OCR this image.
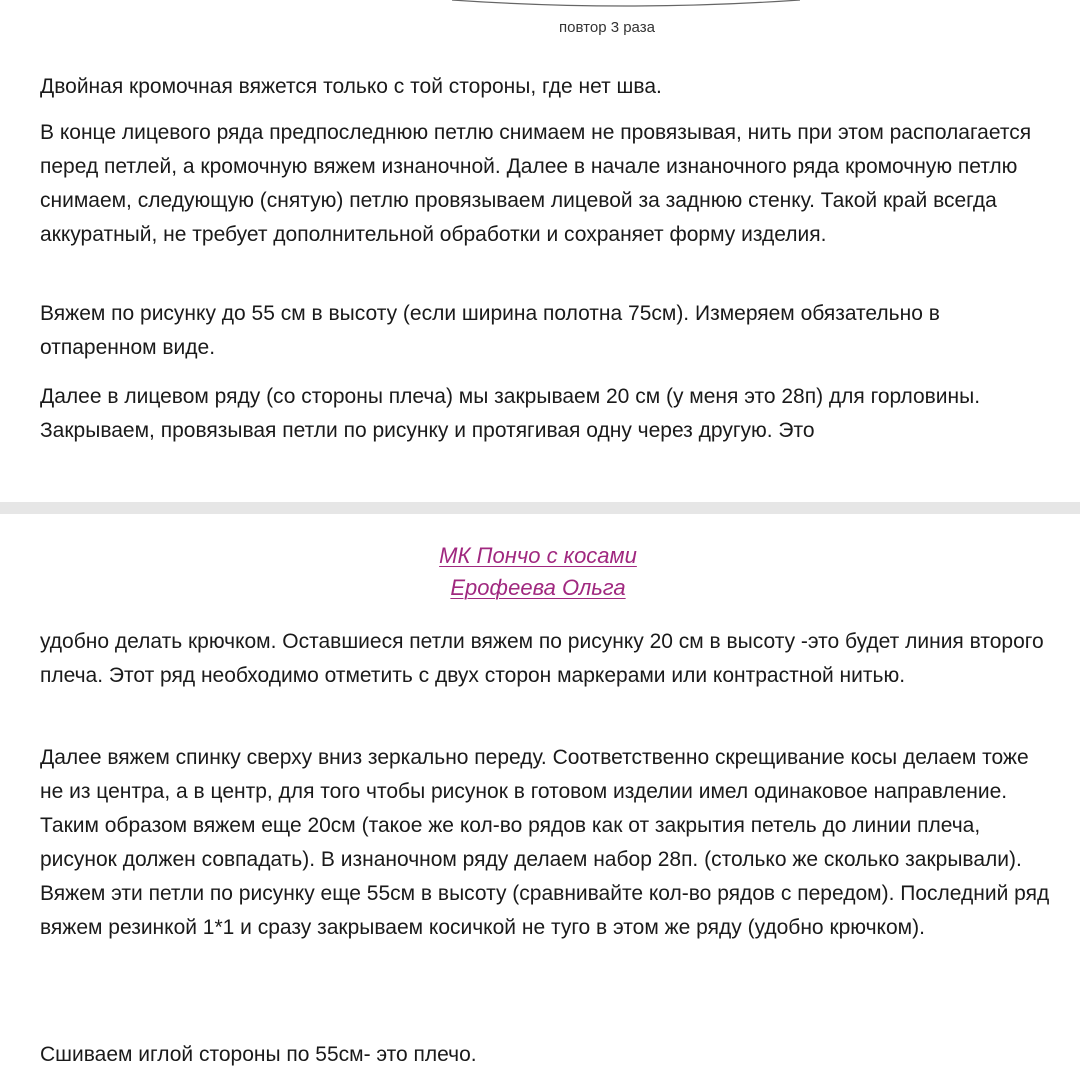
повтор 3 раза

Двойная кромочная вяжется только с той стороны, где нет шва.

В конце лицевого ряда предпоследнюю петлю снимаем не провязывая, нить при этом располагается перед петлей, а кромочную вяжем изнаночной. Далее в начале изнаночного ряда кромочную петлю снимаем, следующую (снятую) петлю провязываем лицевой за заднюю стенку. Такой край всегда аккуратный, не требует дополнительной обработки и сохраняет форму изделия.

Вяжем по рисунку до 55 см в высоту (если ширина полотна 75см). Измеряем обязательно в отпаренном виде.

Далее в лицевом ряду (со стороны плеча) мы закрываем 20 см (у меня это 28п) для горловины. Закрываем, провязывая петли по рисунку и протягивая одну через другую. Это

МК Пончо с косами
Ерофеева Ольга

удобно делать крючком. Оставшиеся петли вяжем по рисунку 20 см в высоту -это будет линия второго плеча. Этот ряд необходимо отметить с двух сторон маркерами или контрастной нитью.

Далее вяжем спинку сверху вниз зеркально переду. Соответственно скрещивание косы делаем тоже не из центра, а в центр, для того чтобы рисунок в готовом изделии имел одинаковое направление. Таким образом вяжем еще 20см (такое же кол-во рядов как от закрытия петель до линии плеча, рисунок должен совпадать). В изнаночном ряду делаем набор 28п. (столько же сколько закрывали). Вяжем эти петли по рисунку еще 55см в высоту (сравнивайте кол-во рядов с передом). Последний ряд вяжем резинкой 1*1 и сразу закрываем косичкой не туго в этом же ряду (удобно крючком).

Сшиваем иглой стороны по 55см- это плечо.
